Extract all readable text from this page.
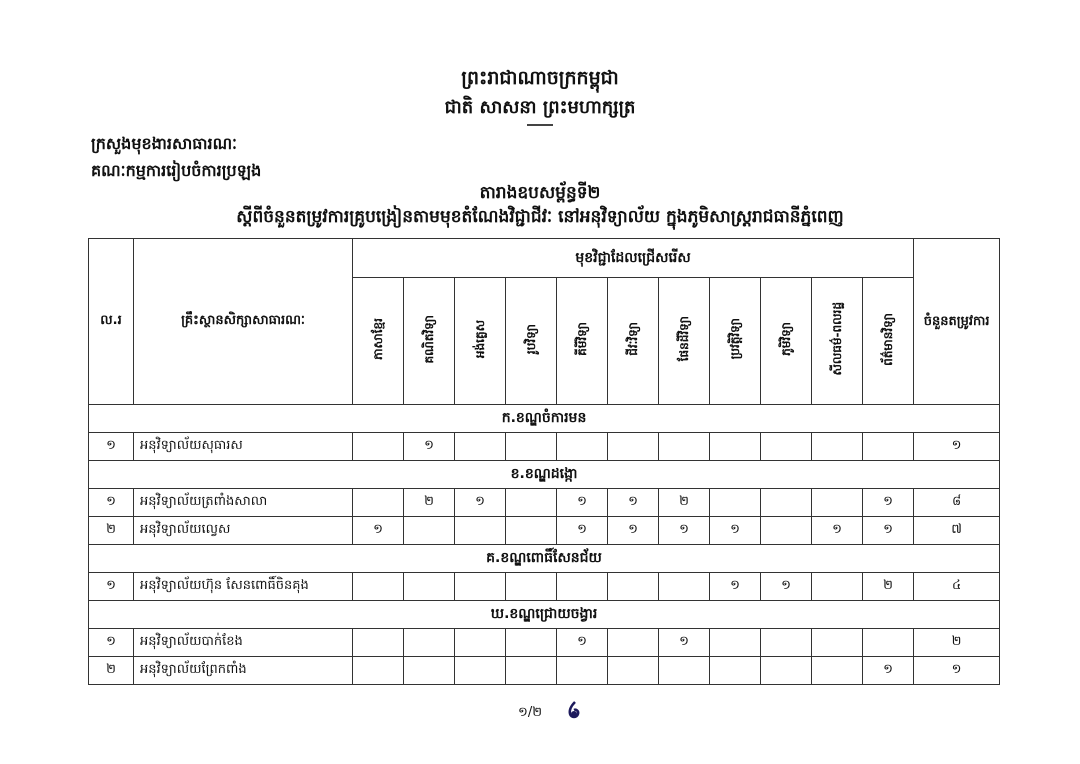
ព្រះរាជាណាចក្រកម្ពុជា
ជាតិ សាសនា ព្រះមហាក្សត្រ
ក្រសួងមុខងារសាធារណៈ
គណៈកម្មការរៀបចំការប្រឡង
តារាងឧបសម្ព័ន្ធទី២
ស្តីពីចំនួនតម្រូវការគ្រូបង្រៀនតាមមុខតំណែងវិជ្ជាជីវៈ នៅអនុវិទ្យាល័យ ក្នុងភូមិសាស្ត្ររាជធានីភ្នំពេញ
ល.រ	គ្រឹះស្ថានសិក្សាសាធារណៈ	មុខវិជ្ជាដែលជ្រើសរើស											ចំនួនតម្រូវការ

		ភាសាខ្មែរ	គណិតវិទ្យា	អង់គ្លេស	រូបវិទ្យា	គីមីវិទ្យា	ជីវៈវិទ្យា	ផែនដីវិទ្យា	ប្រវត្តិវិទ្យា	ភូមិវិទ្យា	សីលធម៌-ពលរដ្ឋ	ព័ត៌មានវិទ្យា	
ក.ខណ្ឌចំការមន													
១	អនុវិទ្យាល័យសុធារស		១										១
ខ.ខណ្ឌដង្កោ													
១	អនុវិទ្យាល័យត្រពាំងសាលា		២	១		១	១	២				១	៨
២	អនុវិទ្យាល័យល្វេស	១				១	១	១	១		១	១	៧
គ.ខណ្ឌពោធិ៍សែនជ័យ													
១	អនុវិទ្យាល័យហ៊ុន សែនពោធិ៍ចិនគុង								១	១		២	៤
ឃ.ខណ្ឌជ្រោយចង្វារ													
១	អនុវិទ្យាល័យបាក់ខែង					១		១					២
២	អនុវិទ្យាល័យព្រែកពាំង											១	១
១/២
